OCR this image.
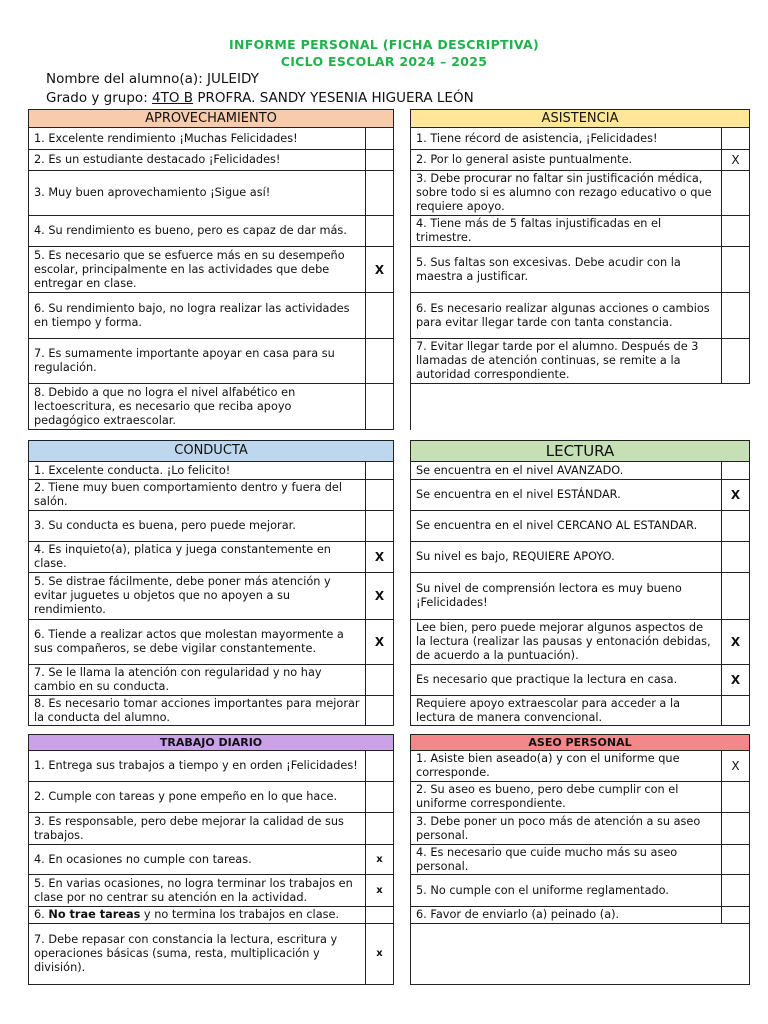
INFORME PERSONAL (FICHA DESCRIPTIVA)
CICLO ESCOLAR 2024 – 2025
Nombre del alumno(a): JULEIDY
Grado y grupo: 4TO B PROFRA. SANDY YESENIA HIGUERA LEÓN
APROVECHAMIENTO	
1. Excelente rendimiento ¡Muchas Felicidades!	
2. Es un estudiante destacado ¡Felicidades!	
3. Muy buen aprovechamiento ¡Sigue así!	
4. Su rendimiento es bueno, pero es capaz de dar más.	
5. Es necesario que se esfuerce más en su desempeño escolar, principalmente en las actividades que debe entregar en clase.	X
6. Su rendimiento bajo, no logra realizar las actividades en tiempo y forma.	
7. Es sumamente importante apoyar en casa para su regulación.	
8. Debido a que no logra el nivel alfabético en lectoescritura, es necesario que reciba apoyo pedagógico extraescolar.	
ASISTENCIA	
1. Tiene récord de asistencia, ¡Felicidades!	
2. Por lo general asiste puntualmente.	X
3. Debe procurar no faltar sin justificación médica, sobre todo si es alumno con rezago educativo o que requiere apoyo.	
4. Tiene más de 5 faltas injustificadas en el trimestre.	
5. Sus faltas son excesivas. Debe acudir con la maestra a justificar.	
6. Es necesario realizar algunas acciones o cambios para evitar llegar tarde con tanta constancia.	
7. Evitar llegar tarde por el alumno. Después de 3 llamadas de atención continuas, se remite a la autoridad correspondiente.	

CONDUCTA	
1. Excelente conducta. ¡Lo felicito!	
2. Tiene muy buen comportamiento dentro y fuera del salón.	
3. Su conducta es buena, pero puede mejorar.	
4. Es inquieto(a), platica y juega constantemente en clase.	X
5. Se distrae fácilmente, debe poner más atención y evitar juguetes u objetos que no apoyen a su rendimiento.	X
6. Tiende a realizar actos que molestan mayormente a sus compañeros, se debe vigilar constantemente.	X
7. Se le llama la atención con regularidad y no hay cambio en su conducta.	
8. Es necesario tomar acciones importantes para mejorar la conducta del alumno.	
LECTURA	
Se encuentra en el nivel AVANZADO.	
Se encuentra en el nivel ESTÁNDAR.	X
Se encuentra en el nivel CERCANO AL ESTANDAR.	
Su nivel es bajo, REQUIERE APOYO.	
Su nivel de comprensión lectora es muy bueno ¡Felicidades!	
Lee bien, pero puede mejorar algunos aspectos de la lectura (realizar las pausas y entonación debidas, de acuerdo a la puntuación).	X
Es necesario que practique la lectura en casa.	X
Requiere apoyo extraescolar para acceder a la lectura de manera convencional.	
TRABAJO DIARIO	
1. Entrega sus trabajos a tiempo y en orden ¡Felicidades!	
2. Cumple con tareas y pone empeño en lo que hace.	
3. Es responsable, pero debe mejorar la calidad de sus trabajos.	
4. En ocasiones no cumple con tareas.	x
5. En varias ocasiones, no logra terminar los trabajos en clase por no centrar su atención en la actividad.	x
6. No trae tareas y no termina los trabajos en clase.	
7. Debe repasar con constancia la lectura, escritura y operaciones básicas (suma, resta, multiplicación y división).	x
ASEO PERSONAL	
1. Asiste bien aseado(a) y con el uniforme que corresponde.	X
2. Su aseo es bueno, pero debe cumplir con el uniforme correspondiente.	
3. Debe poner un poco más de atención a su aseo personal.	
4. Es necesario que cuide mucho más su aseo personal.	
5. No cumple con el uniforme reglamentado.	
6. Favor de enviarlo (a) peinado (a).	
